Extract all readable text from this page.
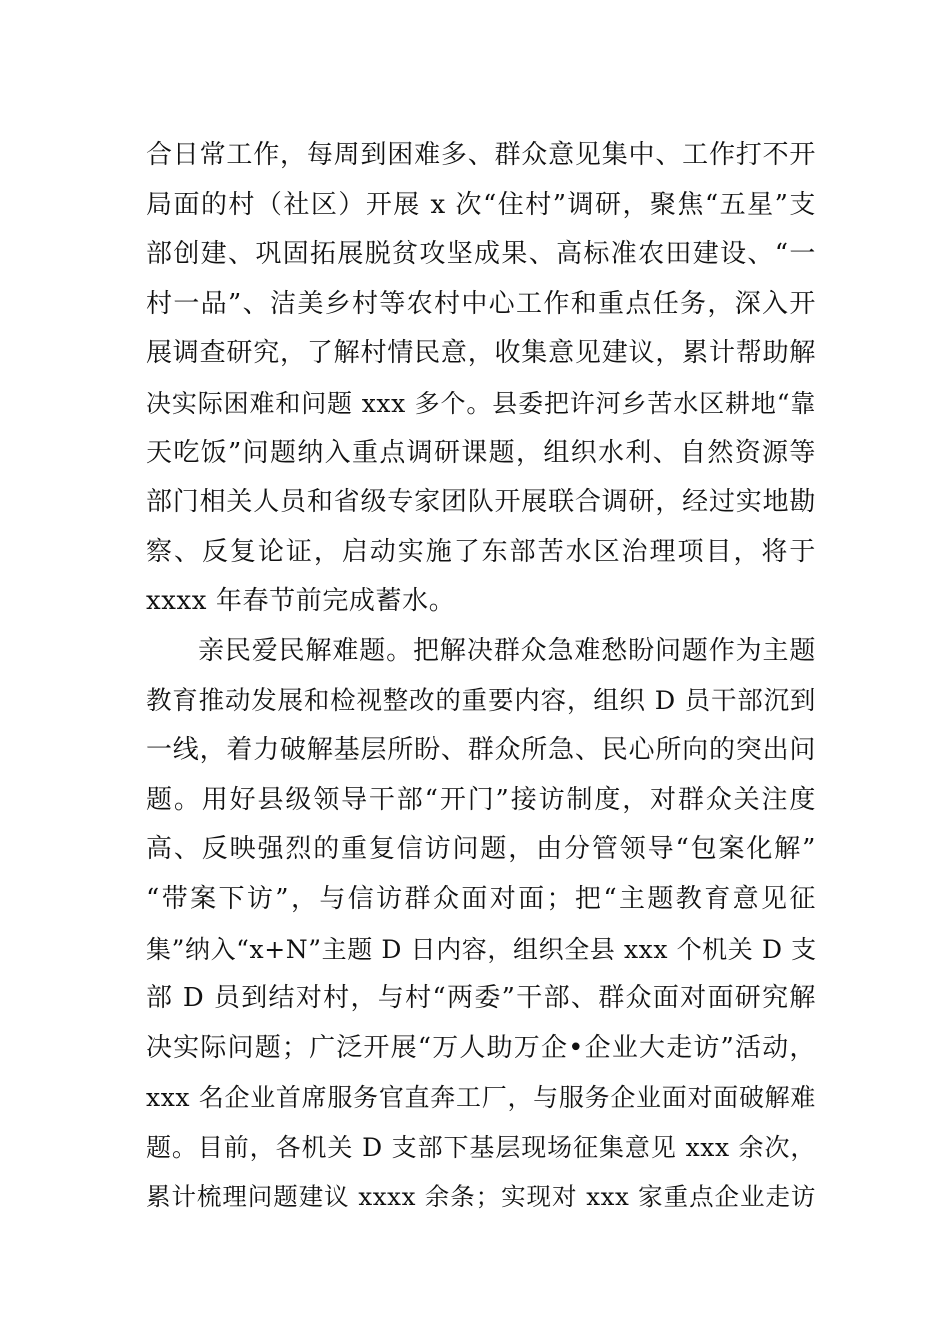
合日常工作，每周到困难多、群众意见集中、工作打不开
局面的村（社区）开展 x 次“住村”调研，聚焦“五星”支
部创建、巩固拓展脱贫攻坚成果、高标准农田建设、“一
村一品”、洁美乡村等农村中心工作和重点任务，深入开
展调查研究，了解村情民意，收集意见建议，累计帮助解
决实际困难和问题 xxx 多个。县委把许河乡苦水区耕地“靠
天吃饭”问题纳入重点调研课题，组织水利、自然资源等
部门相关人员和省级专家团队开展联合调研，经过实地勘
察、反复论证，启动实施了东部苦水区治理项目，将于
xxxx 年春节前完成蓄水。
亲民爱民解难题。把解决群众急难愁盼问题作为主题
教育推动发展和检视整改的重要内容，组织 D 员干部沉到
一线，着力破解基层所盼、群众所急、民心所向的突出问
题。用好县级领导干部“开门”接访制度，对群众关注度
高、反映强烈的重复信访问题，由分管领导“包案化解”
“带案下访”，与信访群众面对面；把“主题教育意见征
集”纳入“x+N”主题 D 日内容，组织全县 xxx 个机关 D 支
部 D 员到结对村，与村“两委”干部、群众面对面研究解
决实际问题；广泛开展“万人助万企•企业大走访”活动，
xxx 名企业首席服务官直奔工厂，与服务企业面对面破解难
题。目前，各机关 D 支部下基层现场征集意见 xxx 余次，
累计梳理问题建议 xxxx 余条；实现对 xxx 家重点企业走访
